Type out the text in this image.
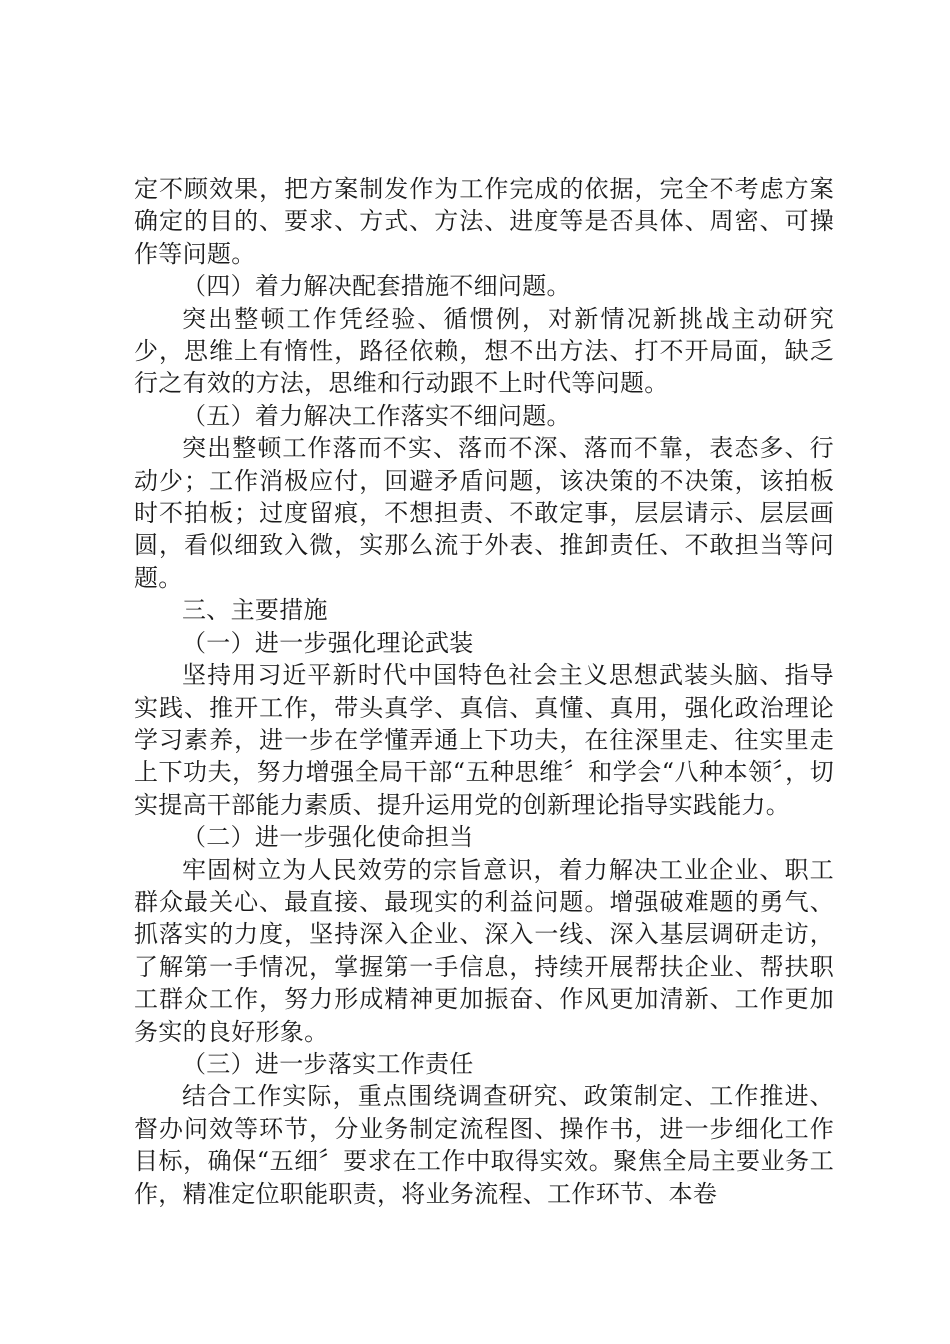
定不顾效果，把方案制发作为工作完成的依据，完全不考虑方案确定的目的、要求、方式、方法、进度等是否具体、周密、可操作等问题。

（四）着力解决配套措施不细问题。

突出整顿工作凭经验、循惯例，对新情况新挑战主动研究少，思维上有惰性，路径依赖，想不出方法、打不开局面，缺乏行之有效的方法，思维和行动跟不上时代等问题。

（五）着力解决工作落实不细问题。

突出整顿工作落而不实、落而不深、落而不靠，表态多、行动少；工作消极应付，回避矛盾问题，该决策的不决策，该拍板时不拍板；过度留痕，不想担责、不敢定事，层层请示、层层画圆，看似细致入微，实那么流于外表、推卸责任、不敢担当等问题。

三、主要措施

（一）进一步强化理论武装

坚持用习近平新时代中国特色社会主义思想武装头脑、指导实践、推开工作，带头真学、真信、真懂、真用，强化政治理论学习素养，进一步在学懂弄通上下功夫，在往深里走、往实里走上下功夫，努力增强全局干部“五种思维〞和学会“八种本领〞，切实提高干部能力素质、提升运用党的创新理论指导实践能力。

（二）进一步强化使命担当

牢固树立为人民效劳的宗旨意识，着力解决工业企业、职工群众最关心、最直接、最现实的利益问题。增强破难题的勇气、抓落实的力度，坚持深入企业、深入一线、深入基层调研走访，了解第一手情况，掌握第一手信息，持续开展帮扶企业、帮扶职工群众工作，努力形成精神更加振奋、作风更加清新、工作更加务实的良好形象。

（三）进一步落实工作责任

结合工作实际，重点围绕调查研究、政策制定、工作推进、督办问效等环节，分业务制定流程图、操作书，进一步细化工作目标，确保“五细〞要求在工作中取得实效。聚焦全局主要业务工作，精准定位职能职责，将业务流程、工作环节、本卷
